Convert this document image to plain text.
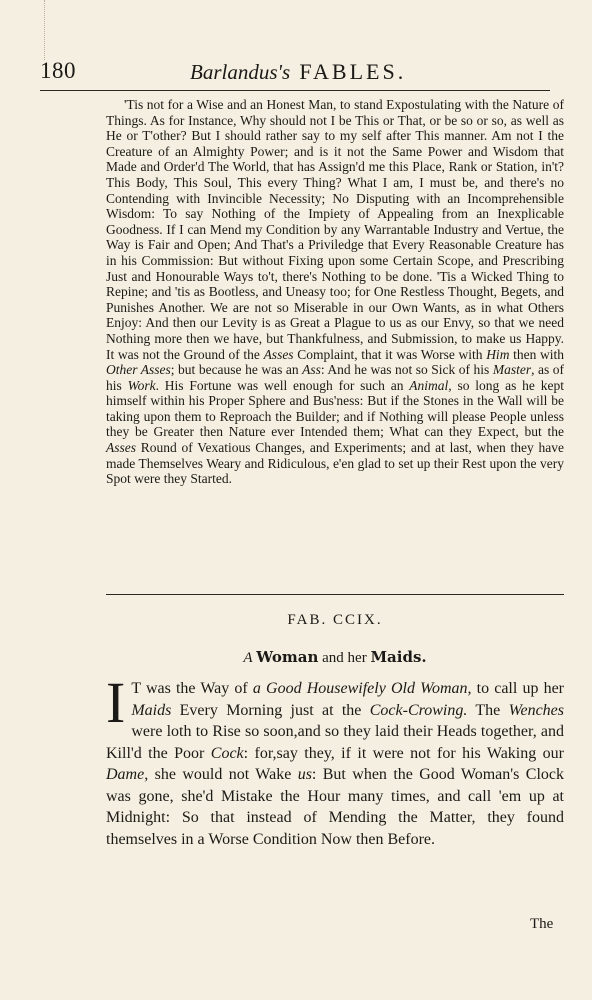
180	Barlandus's FABLES.

'Tis not for a Wise and an Honest Man, to stand Expostulating with the Nature of Things. As for Instance, Why should not I be This or That, or be so or so, as well as He or T'other? But I should rather say to my self after This manner. Am not I the Creature of an Almighty Power; and is it not the Same Power and Wisdom that Made and Order'd The World, that has Assign'd me this Place, Rank or Station, in't? This Body, This Soul, This every Thing? What I am, I must be, and there's no Contending with Invincible Necessity; No Disputing with an Incomprehensible Wisdom: To say Nothing of the Impiety of Appealing from an Inexplicable Goodness. If I can Mend my Condition by any Warrantable Industry and Vertue, the Way is Fair and Open; And That's a Priviledge that Every Reasonable Creature has in his Commission: But without Fixing upon some Certain Scope, and Prescribing Just and Honourable Ways to't, there's Nothing to be done. 'Tis a Wicked Thing to Repine; and 'tis as Bootless, and Uneasy too; for One Restless Thought, Begets, and Punishes Another. We are not so Miserable in our Own Wants, as in what Others Enjoy: And then our Levity is as Great a Plague to us as our Envy, so that we need Nothing more then we have, but Thankfulness, and Submission, to make us Happy. It was not the Ground of the Asses Complaint, that it was Worse with Him then with Other Asses; but because he was an Ass: And he was not so Sick of his Master, as of his Work. His Fortune was well enough for such an Animal, so long as he kept himself within his Proper Sphere and Bus'ness: But if the Stones in the Wall will be taking upon them to Reproach the Builder; and if Nothing will please People unless they be Greater then Nature ever Intended them; What can they Expect, but the Asses Round of Vexatious Changes, and Experiments; and at last, when they have made Themselves Weary and Ridiculous, e'en glad to set up their Rest upon the very Spot were they Started.

FAB. CCIX.
A Woman and her Maids.
I T was the Way of a Good Housewifely Old Woman, to call up her Maids Every Morning just at the Cock-Crowing. The Wenches were loth to Rise so soon,and so they laid their Heads together, and Kill'd the Poor Cock: for,say they, if it were not for his Waking our Dame, she would not Wake us: But when the Good Woman's Clock was gone, she'd Mistake the Hour many times, and call 'em up at Midnight: So that instead of Mending the Matter, they found themselves in a Worse Condition Now then Before.
The
